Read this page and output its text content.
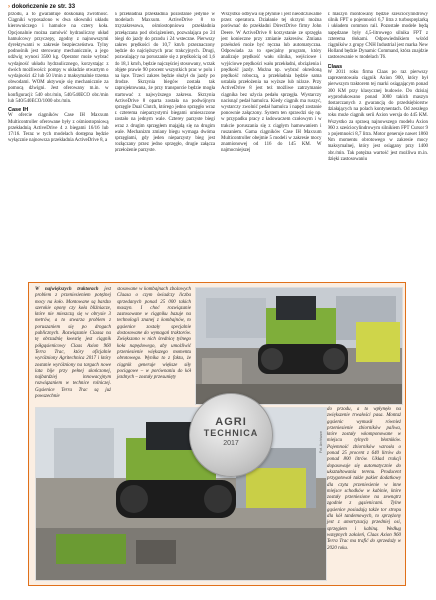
› dokończenie ze str. 33

przodu, a to gwarantuje doskonałą zwrotność. Ciągniki wyposażono w dwa siłowniki układu kierowniczego i hamulce na cztery koła. Opcjonalnie można zamówić hydrauliczny układ hamulcowy przyczepy, zgodny z najnowszymi dyrektywami w zakresie bezpieczeństwa. Tylny podnośnik jest sterowany mechanicznie, a jego udźwig wynosi 3500 kg. Operator może wybrać wydajność układu hydraulicznego, korzystając z dwóch możliwości: pompy w układzie otwartym o wydajności 42 lub 50 l/min z maksymalnie trzema obwodami. WOM aktywuje się mechanicznie za pomocą dźwigni. Jest oferowany m.in. w konfiguracji: 540 obr./min, 540/540ECO obr./min lub 540/540ECO/1000 obr./min.

Case IH

W ofercie ciągników Case IH Maxxum Multicontroller oferowane były z ośmiostopniową przekładnią ActiveDrive 4 z biegami 16/16 lub 17/16. Teraz w tych modelach dostępna będzie wyłącznie najnowsza przekładnia ActiveDrive 8, a

a przekładnia przekładnia pozostanie jedynie w modelach Maxxum. ActiveDrive 8 to trzyzakresowa, ośmiostopniowa przekładnia przełączana pod obciążeniem, pozwalająca po 24 biegi do jazdy do przodu i 24 wsteczne. Pierwszy zakres prędkości do 10,7 km/h przeznaczony będzie do najcięższych prac trakcyjnych. Drugi, pozwalający na poruszanie się z prędkością od 1,6 do 18,1 km/h, będzie najczęściej stosowany, wrzak objęte prawie 90 procent wszystkich prac w polu i na łące. Trzeci zakres będzie służył do jazdy po drodze. Skrzynia biegów została tak zaprojektowana, że przy transporcie będzie mogła startować z najwyższego zakresu. Skrzynia ActiveDrive 8 oparta została na podwójnym sprzęgle Dual Clutch, którego jedno sprzęgło wraz z czterema nieparzystymi biegami umieszczone zostało na jednym wale. Czterey parzyste biegi wraz z drugim sprzęgłem mająjdą się na drugim wale. Mechanizm zmiany biegu wymaga dwóma sprzęgłami, gdy jeden nieparzysty bieg jest rozłączany przez jedno sprzęgło, drugie załącza przełożenie parzyste.

Wszystko odbywa się płynnie i jest nieodczuwalne przez operatora. Działanie tej skrzyni można porównać do przekładni DirectDrive firmy John Deere. W ActiveDrive 8 korzystanie ze sprzęgła jest konieczne przy zmianie zakresów. Zmiana przełożeń może być ręczna lub automatyczna. Odpowiada za to specjalny program, który analizuje prędkość wału silnika, wejściowe i wyjściowe prędkości wału przekładni, obciążenia i prędkość jazdy. Można np. wybrać określoną prędkość roboczą, a przekładnia będzie sama ustalała przełożenia na wyższe lub niższe. Przy ActiveDrive 8 jest też możliwe zatrzymanie ciągnika bez użycia pedału sprzęgła. Wystarczy nacisnąć pedał hamulca. Kiedy ciągnik ma ruszyć, wystarczy zwolnić pedał hamulca i napęd zostanie ponownie załączony. System ten sprawdzi się np. w przypadku pracy z ładowaczem czołowym i w trakcie poruszania się z ciągłym hamowaniem i ruszaniem. Gama ciągników Case IH Maxxum Multicontroller obejmie 5 modeli w zakresie mocy znamionowej od 116 do 145 KM. W najmocniejszej

z maszyn montowany będzie sześciocylindrowy silnik FPT o pojemności 6,7 litra z turbosprężarką i układem common rail. Pozostałe modele będą napędzane były 4,5-litrowego silnika FPT z czterema tłokami. Odpowiednikiem wśród ciągników z grupy CNH Industrial jest marka New Holland będzie Dynamic Command, która znajdzie zastosowanie w modelach T6.

Claas

W 2011 roku firma Claas po raz pierwszy zaprezentowała ciągnik Axion 900, który był pierwszym traktorem tej marki osiągającym ponad 300 KM przy klasycznej budowie. Do dzisiaj wyprodukowano ponad 3000 takich maszyn dostarczanych z gwarancją do przedsiębiorstw działających na polach kontynentach. Od zeszłego roku może ciągnik serii Axion wersja do 445 KM. Wszystko za sprawą najnowszego modelu Axion 960 z sześciocylindrowym silnikiem FPT Cursor 9 o pojemności 8,7 litra. Motor generuje nawet 1860 Nm momentu obrotowego w zakresie mocy maksymalnej, który jest osiągany przy 1400 obr./min. Tak potężna wartość jest możliwa m.in. dzięki zastosowaniu

W największych traktorach jest problem z przeniesieniem potężnej mocy na koło. Montowane są bardzo szerokie opony czy koła bliźniacze, które nie mieszczą się w obrysie 3 metrów, a to stwarza problem z poruszaniem się po drogach publicznych. Rozwiązanie Claasa na tę obrzadnię kwestię jest ciągnik półgąsienicowy Claas Axion 960 Terra Trac, który oficjalnie wyróżniony Agritechnica 2017 i który zostanie wyróżniony na targach nowe lata bije przy pełnej skończonej, najbardziej innowacyjnym rozwiązaniem w technice rolniczej. Gąsienice Terra Trac są już powszechnie
stosowane w kombajnach zbożowych Claasa o czym świadczy liczba sprzedanych ponad 25 000 takich maszyn. I choć rozwiązanie zastosowane w ciągniku bazuje na technologii znanej z kombajnów, to gąsienice zostały specjalnie dostosowane do wymagań traktorów. Zwiększono w nich średnicę tylnego koła napędowego, aby umożliwić przeniesienie większego momentu obrotowego. Wynika to z faktu, że ciągnik generuje większe siły pociągowe – w porównaniu do kół jezdnych – zostały przesunięty
AGRI
TECHNICA
2017	Fot. Archiwum
do przodu, a to wpłynęło na zwiększenie trwałości pasa. Montaż gąsienic wymusił również przeniesienie zbiorników paliwa, które zostały wkomponowane w miejscu tylnych błotników. Pojemność zbiorników wzrosła o ponad 25 procent z 640 litrów do ponad 800 litrów. Układ trakcji dopasowuje się automatycznie do ukształtowania terenu. Producent przygotował także pakiet dodatkowy dla czyta przeniesienie w inne miejsce schodków w kabinie, które zostały przeniesione na zewnątrz zgodnie z gąsienicami. Tylne gąsienice posiadają także tor stropu dla kół tandemowych, to sprzężony jest z amortyzacją przedniej osi, sprzęgiem i kabiną. Według wstępnych założeń, Claas Axion 960 Terra Trac ma trafić do sprzedaży w 2020 roku.
